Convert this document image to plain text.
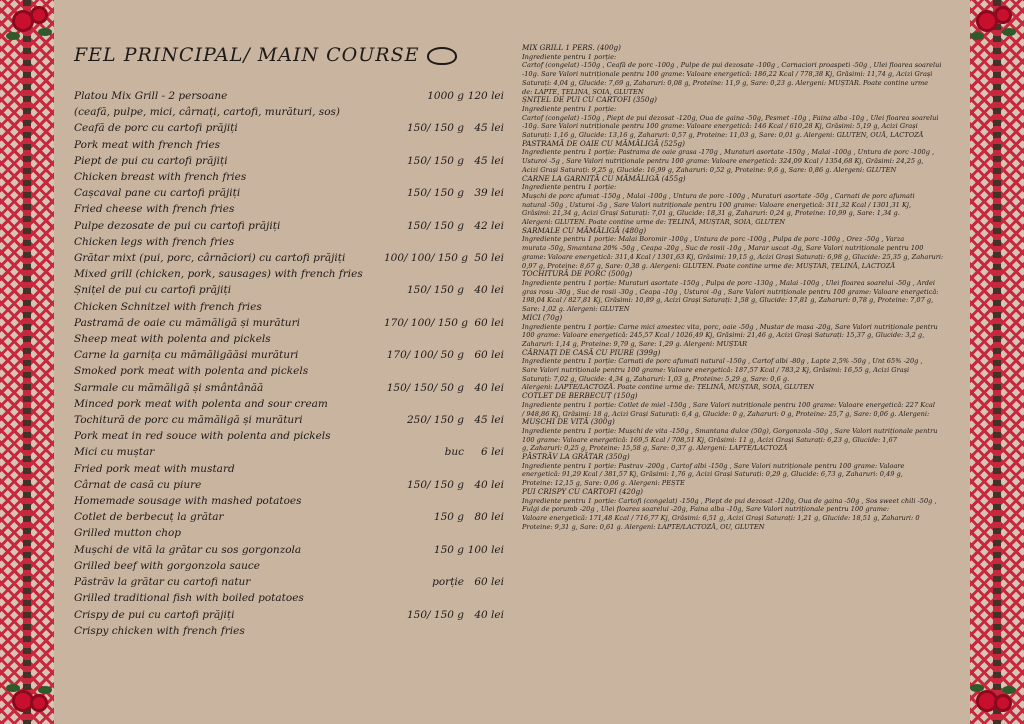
FEL PRINCIPAL/ MAIN COURSE
Platou Mix Grill - 2 persoane	1000 g 120 lei
(ceafă, pulpe, mici, cârnați, cartofi, murături, sos)
Ceafă de porc cu cartofi prăjiți	150/ 150 g 45 lei
Pork meat with french fries
Piept de pui cu cartofi prăjiți	150/ 150 g 45 lei
Chicken breast with french fries
Cașcaval pane cu cartofi prăjiți	150/ 150 g 39 lei
Fried cheese with french fries
Pulpe dezosate de pui cu cartofi prăjiți	150/ 150 g 42 lei
Chicken legs with french fries
Grătar mixt (pui, porc, cârnăciori) cu cartofi prăjiți	100/ 100/ 150 g 50 lei
Mixed grill (chicken, pork, sausages) with french fries
Șnițel de pui cu cartofi prăjiți	150/ 150 g 40 lei
Chicken Schnitzel with french fries
Pastramă de oaie cu mămăligă și murături	170/ 100/ 150 g 60 lei
Sheep meat with polenta and pickels
Carne la garnița cu mămăligăăsi murături	170/ 100/ 50 g 60 lei
Smoked pork meat with polenta and pickels
Sarmale cu mămăligă și smântânăă	150/ 150/ 50 g 40 lei
Minced pork meat with polenta and sour cream
Tochitură de porc cu mămăligă și murături	250/ 150 g 45 lei
Pork meat in red souce with polenta and pickels
Mici cu muștar	buc	6 lei
Fried pork meat with mustard
Cârnat de casă cu piure	150/ 150 g 40 lei
Homemade sousage with mashed potatoes
Cotlet de berbecuț la grătar	150 g 80 lei
Grilled mutton chop
Mușchi de vită la grătar cu sos gorgonzola	150 g 100 lei
Grilled beef with gorgonzola sauce
Păstrăv la grătar cu cartofi natur	porție 60 lei
Grilled traditional fish with boiled potatoes
Crispy de pui cu cartofi prăjiți	150/ 150 g 40 lei
Crispy chicken with french fries
MIX GRILL 1 PERS. (400g)
Ingrediente pentru 1 porție:
Cartof (congelat) -150g , Ceafă de porc -100g , Pulpe de pui dezosate -100g , Carnaciori proaspeti -50g , Ulei floarea soarelui
-10g. Sare Valori nutriționale pentru 100 grame: Valoare energetică: 186,22 Kcal / 778,38 Kj, Grăsimi: 11,74 g, Acizi Grași
Saturați: 4,04 g, Glucide: 7,69 g, Zaharuri: 0,08 g, Proteine: 11,9 g, Sare: 0,23 g. Alergeni: MUȘTAR. Poate contine urme
de: LAPTE, ȚELINA, SOIA, GLUTEN
ȘNIȚEL DE PUI CU CARTOFI (350g)
Ingrediente pentru 1 porție:
Cartof (congelat) -150g , Piept de pui dezosat -120g, Oua de gaina -50g, Pesmet -10g , Faina alba -10g , Ulei floarea soarelui
-10g. Sare Valori nutriționale pentru 100 grame: Valoare energetică: 146 Kcal / 610,28 Kj, Grăsimi: 5,19 g, Acizi Grași
Saturați: 1,16 g, Glucide: 13,16 g, Zaharuri: 0,57 g, Proteine: 11,03 g, Sare: 0,01 g. Alergeni: GLUTEN, OUĂ, LACTOZĂ
PASTRAMĂ DE OAIE CU MĂMĂLIGĂ (525g)
Ingrediente pentru 1 porție: Pastrama de oaie grasa -170g , Muraturi asortate -150g , Malai -100g , Untura de porc -100g ,
Usturoi -5g , Sare Valori nutriționale pentru 100 grame: Valoare energetică: 324,09 Kcal / 1354,68 Kj, Grăsimi: 24,25 g,
Acizi Grași Saturați: 9,25 g, Glucide: 16,99 g, Zaharuri: 0,52 g, Proteine: 9,6 g, Sare: 0,86 g. Alergeni: GLUTEN
CARNE LA GARNIȚĂ CU MĂMĂLIGĂ (455g)
Ingrediente pentru 1 porție:
Mușchi de porc afumat -150g , Malai -100g , Untura de porc -100g , Muraturi asortate -50g , Carnati de porc afumati
natural -50g , Usturoi -5g , Sare Valori nutriționale pentru 100 grame: Valoare energetică: 311,32 Kcal / 1301,31 Kj,
Grăsimi: 21,34 g, Acizi Grași Saturați: 7,01 g, Glucide: 18,31 g, Zaharuri: 0,24 g, Proteine: 10,99 g, Sare: 1,34 g.
Alergeni: GLUTEN. Poate contine urme de: ȚELINĂ, MUȘTAR, SOIA, GLUTEN
SARMALE CU MĂMĂLIGĂ (480g)
Ingrediente pentru 1 porție: Malai Boromir -100g , Untura de porc -100g , Pulpa de porc -100g , Orez -50g , Varza
murata -50g, Smantana 20% -50g , Ceapa -20g , Suc de rosii -10g , Marar uscat -0g, Sare Valori nutriționale pentru 100
grame: Valoare energetică: 311,4 Kcal / 1301,63 Kj, Grăsimi: 19,15 g, Acizi Grași Saturați: 6,98 g, Glucide: 25,35 g, Zaharuri:
0,97 g, Proteine: 8,67 g, Sare: 0,38 g. Alergeni: GLUTEN. Poate contine urme de: MUȘTAR, ȚELINĂ, LACTOZĂ
TOCHITURĂ DE PORC (500g)
Ingrediente pentru 1 porție: Muraturi asortate -150g , Pulpa de porc -130g , Malai -100g , Ulei floarea soarelui -50g , Ardei
gras rosu -30g , Suc de rosii -30g , Ceapa -10g , Usturoi -0g , Sare Valori nutriționale pentru 100 grame: Valoare energetică:
198,04 Kcal / 827,81 Kj, Grăsimi: 10,89 g, Acizi Grași Saturați: 1,58 g, Glucide: 17,81 g, Zaharuri: 0,78 g, Proteine: 7,07 g,
Sare: 1,02 g. Alergeni: GLUTEN
MICI (70g)
Ingrediente pentru 1 porție: Carne mici amestec vita, porc, oaie -50g , Mustar de masa -20g, Sare Valori nutriționale pentru
100 grame: Valoare energetică: 245,57 Kcal / 1026,49 Kj, Grăsimi: 21,46 g, Acizi Grași Saturați: 15,37 g, Glucide: 3,2 g,
Zaharuri: 1,14 g, Proteine: 9,79 g, Sare: 1,29 g. Alergeni: MUȘTAR
CÂRNAȚI DE CASĂ CU PIURE (399g)
Ingrediente pentru 1 porție: Carnati de porc afumati natural -150g , Cartof albi -80g , Lapte 2,5% -50g , Unt 65% -20g ,
Sare Valori nutriționale pentru 100 grame: Valoare energetică: 187,57 Kcal / 783,2 Kj, Grăsimi: 16,55 g, Acizi Grași
Saturați: 7,02 g, Glucide: 4,34 g, Zaharuri: 1,03 g, Proteine: 5,29 g, Sare: 0,6 g.
Alergeni: LAPTE/LACTOZĂ. Poate contine urme de: ȚELINĂ, MUȘTAR, SOIA, GLUTEN
COTLET DE BERBECUȚ (150g)
Ingrediente pentru 1 porție: Cotlet de miel -150g , Sare Valori nutriționale pentru 100 grame: Valoare energetică: 227 Kcal
/ 948,86 Kj, Grăsimi: 18 g, Acizi Grași Saturați: 6,4 g, Glucide: 0 g, Zaharuri: 0 g, Proteine: 25,7 g, Sare: 0,06 g. Alergeni:
MUȘCHI DE VITĂ (300g)
Ingrediente pentru 1 porție: Mușchi de vita -150g , Smantana dulce (50g), Gorgonzola -50g , Sare Valori nutriționale pentru
100 grame: Valoare energetică: 169,5 Kcal / 708,51 Kj, Grăsimi: 11 g, Acizi Grași Saturați: 6,23 g, Glucide: 1,67
g, Zaharuri: 0,25 g, Proteine: 15,58 g, Sare: 0,37 g. Alergeni: LAPTE/LACTOZĂ
PĂSTRĂV LA GRĂTAR (350g)
Ingrediente pentru 1 porție: Pastrav -200g , Cartof albi -150g , Sare Valori nutriționale pentru 100 grame: Valoare
energetică: 91,29 Kcal / 381,57 Kj, Grăsimi: 1,76 g, Acizi Grași Saturați: 0,29 g, Glucide: 6,73 g, Zaharuri: 0,49 g,
Proteine: 12,15 g, Sare: 0,06 g. Alergeni: PEȘTE
PUI CRISPY CU CARTOFI (420g)
Ingrediente pentru 1 porție: Cartofi (congelat) -150g , Piept de pui dezosat -120g, Oua de gaina -50g , Sos sweet chili -50g ,
Fulgi de porumb -20g , Ulei floarea soarelui -20g, Faina alba -10g, Sare Valori nutriționale pentru 100 grame:
Valoare energetică: 171,48 Kcal / 716,77 Kj, Grăsimi: 6,51 g, Acizi Grași Saturați: 1,21 g, Glucide: 18,51 g, Zaharuri: 0
Proteine: 9,31 g, Sare: 0,61 g. Alergeni: LAPTE/LACTOZĂ, OU, GLUTEN
